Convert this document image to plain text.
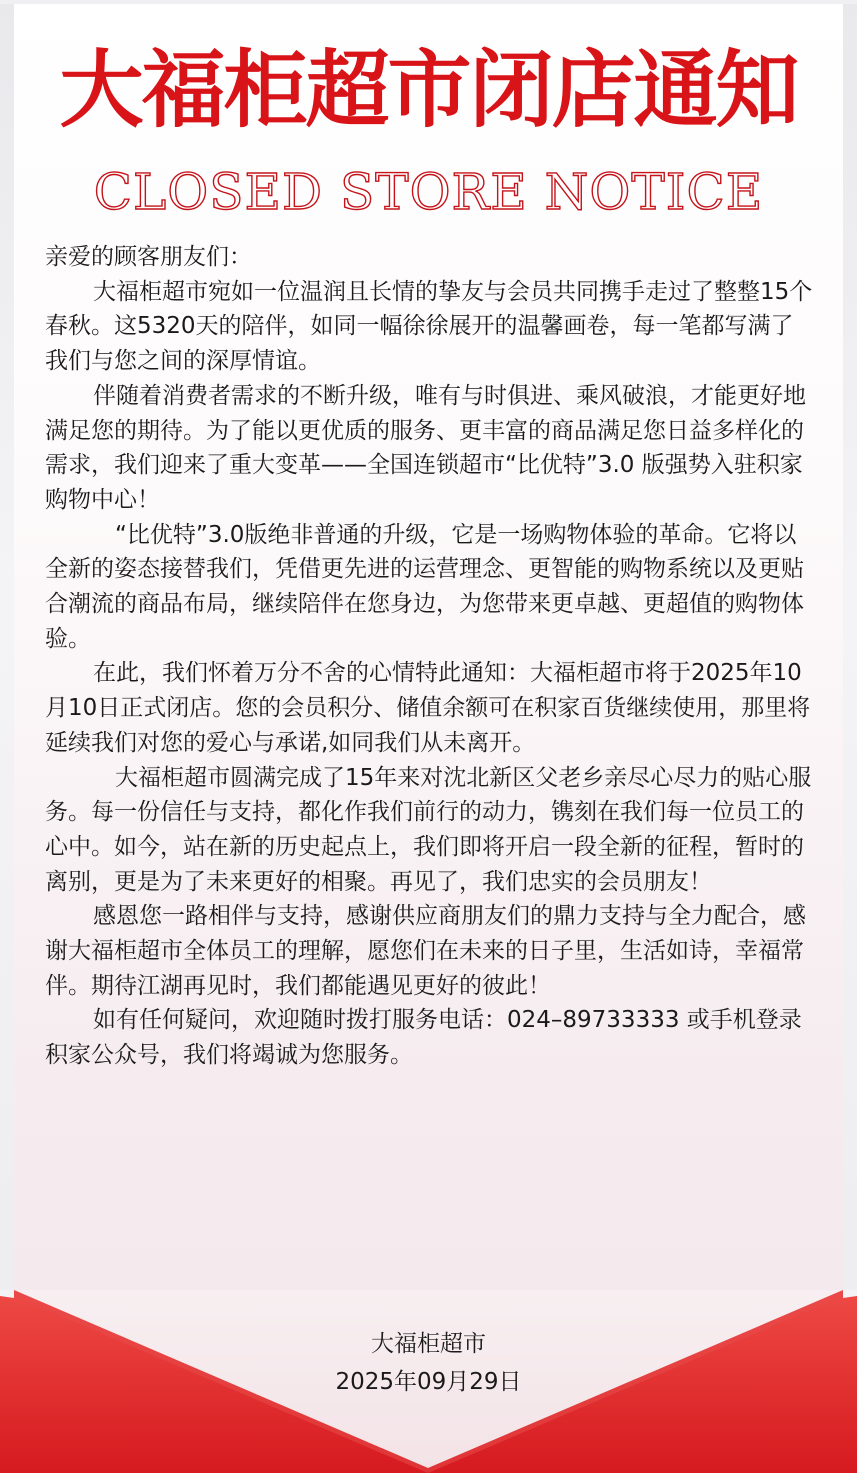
大福柜超市闭店通知
CLOSED STORE NOTICE

亲爱的顾客朋友们：

大福柜超市宛如一位温润且长情的挚友与会员共同携手走过了整整15个春秋。这5320天的陪伴，如同一幅徐徐展开的温馨画卷，每一笔都写满了我们与您之间的深厚情谊。

伴随着消费者需求的不断升级，唯有与时俱进、乘风破浪，才能更好地满足您的期待。为了能以更优质的服务、更丰富的商品满足您日益多样化的需求，我们迎来了重大变革——全国连锁超市“比优特”3.0 版强势入驻积家购物中心！

“比优特”3.0版绝非普通的升级，它是一场购物体验的革命。它将以全新的姿态接替我们，凭借更先进的运营理念、更智能的购物系统以及更贴合潮流的商品布局，继续陪伴在您身边，为您带来更卓越、更超值的购物体验。

在此，我们怀着万分不舍的心情特此通知：大福柜超市将于2025年10月10日正式闭店。您的会员积分、储值余额可在积家百货继续使用，那里将延续我们对您的爱心与承诺,如同我们从未离开。

大福柜超市圆满完成了15年来对沈北新区父老乡亲尽心尽力的贴心服务。每一份信任与支持，都化作我们前行的动力，镌刻在我们每一位员工的心中。如今，站在新的历史起点上，我们即将开启一段全新的征程，暂时的离别，更是为了未来更好的相聚。再见了，我们忠实的会员朋友！

感恩您一路相伴与支持，感谢供应商朋友们的鼎力支持与全力配合，感谢大福柜超市全体员工的理解，愿您们在未来的日子里，生活如诗，幸福常伴。期待江湖再见时，我们都能遇见更好的彼此！

如有任何疑问，欢迎随时拨打服务电话：024–89733333 或手机登录积家公众号，我们将竭诚为您服务。

大福柜超市
2025年09月29日
